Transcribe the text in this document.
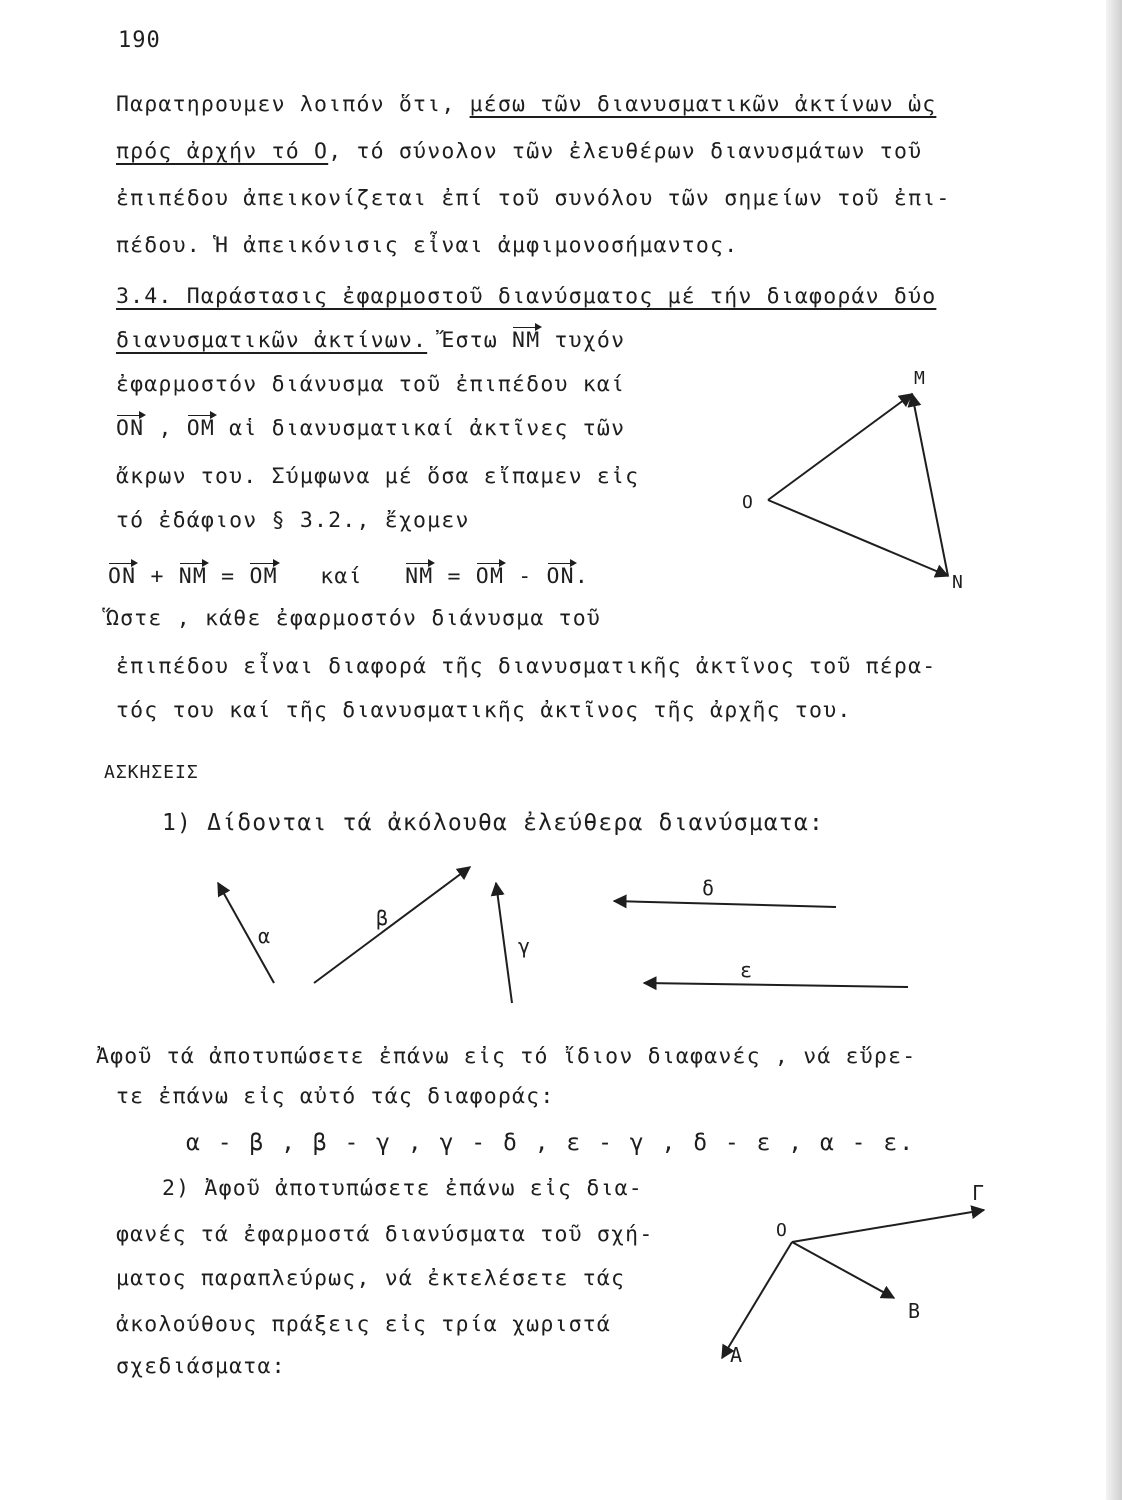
190
Παρατηρουμεν λοιπόν ὅτι, μέσω τῶν διανυσματικῶν ἀκτίνων ὡς
πρός ἀρχήν τό Ο, τό σύνολον τῶν ἐλευθέρων διανυσμάτων τοῦ
ἐπιπέδου ἀπεικονίζεται ἐπί τοῦ συνόλου τῶν σημείων τοῦ ἐπι-
πέδου. Ἡ ἀπεικόνισις εἶναι ἀμφιμονοσήμαντος.
3.4. Παράστασις ἐφαρμοστοῦ διανύσματος μέ τήν διαφοράν δύο
διανυσματικῶν ἀκτίνων. Ἔστω NM τυχόν
ἐφαρμοστόν διάνυσμα τοῦ ἐπιπέδου καί
ON , OM αἱ διανυσματικαί ἀκτῖνες τῶν
ἄκρων του. Σύμφωνα μέ ὅσα εἴπαμεν εἰς
τό ἐδάφιον § 3.2., ἔχομεν
ON + NM = OM   καί   NM = OM - ON.
Ὥστε , κάθε ἐφαρμοστόν διάνυσμα τοῦ
ἐπιπέδου εἶναι διαφορά τῆς διανυσματικῆς ἀκτῖνος τοῦ πέρα-
τός του καί τῆς διανυσματικῆς ἀκτῖνος τῆς ἀρχῆς του.
O
M
N
ΑΣΚΗΣΕΙΣ
1) Δίδονται τά ἀκόλουθα ἐλεύθερα διανύσματα:
α
β
γ
δ
ε
Ἀφοῦ τά ἀποτυπώσετε ἐπάνω εἰς τό ἴδιον διαφανές , νά εὕρε-
τε ἐπάνω εἰς αὐτό τάς διαφοράς:
α - β , β - γ , γ - δ , ε - γ , δ - ε , α - ε.
2) Ἀφοῦ ἀποτυπώσετε ἐπάνω εἰς δια-
φανές τά ἐφαρμοστά διανύσματα τοῦ σχή-
ματος παραπλεύρως, νά ἐκτελέσετε τάς
ἀκολούθους πράξεις εἰς τρία χωριστά
σχεδιάσματα:
O
Γ
Β
Α
